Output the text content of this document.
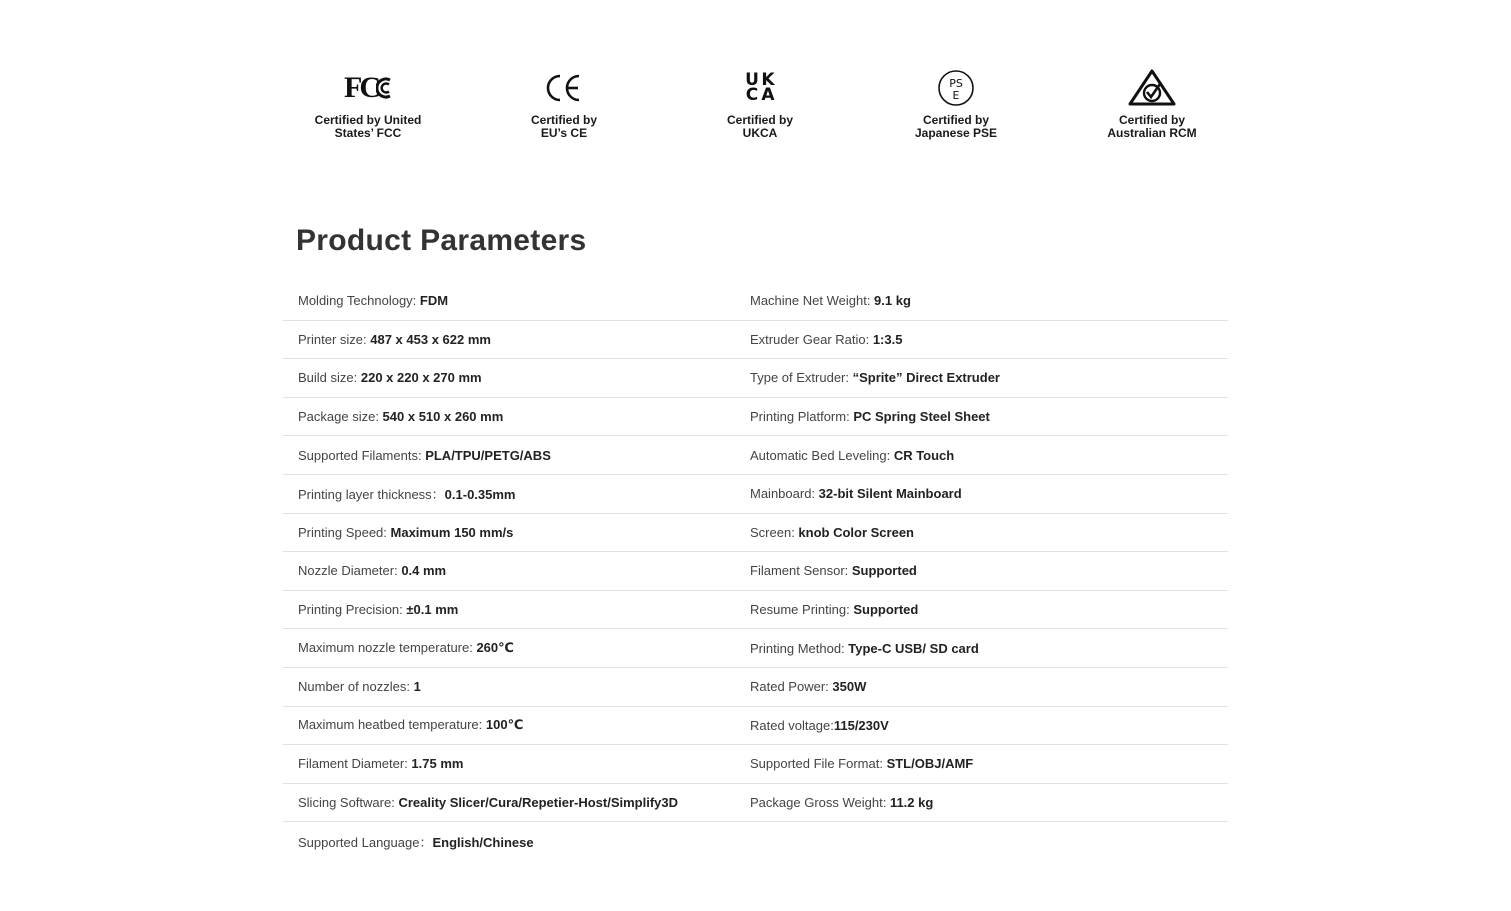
FC
Certified by United
States’ FCC
Certified by
EU’s CE
U K
C A
Certified by
UKCA
PS
E
Certified by
Japanese PSE
Certified by
Australian RCM
Product Parameters
Molding Technology: FDM	Machine Net Weight: 9.1 kg
Printer size: 487 x 453 x 622 mm	Extruder Gear Ratio: 1:3.5
Build size: 220 x 220 x 270 mm	Type of Extruder: “Sprite” Direct Extruder
Package size: 540 x 510 x 260 mm	Printing Platform: PC Spring Steel Sheet
Supported Filaments: PLA/TPU/PETG/ABS	Automatic Bed Leveling: CR Touch
Printing layer thickness：0.1-0.35mm	Mainboard: 32-bit Silent Mainboard
Printing Speed: Maximum 150 mm/s	Screen: knob Color Screen
Nozzle Diameter: 0.4 mm	Filament Sensor: Supported
Printing Precision: ±0.1 mm	Resume Printing: Supported
Maximum nozzle temperature: 260℃	Printing Method: Type-C USB/ SD card
Number of nozzles: 1	Rated Power: 350W
Maximum heatbed temperature: 100℃	Rated voltage:115/230V
Filament Diameter: 1.75 mm	Supported File Format: STL/OBJ/AMF
Slicing Software: Creality Slicer/Cura/Repetier-Host/Simplify3D	Package Gross Weight: 11.2 kg
Supported Language：English/Chinese
